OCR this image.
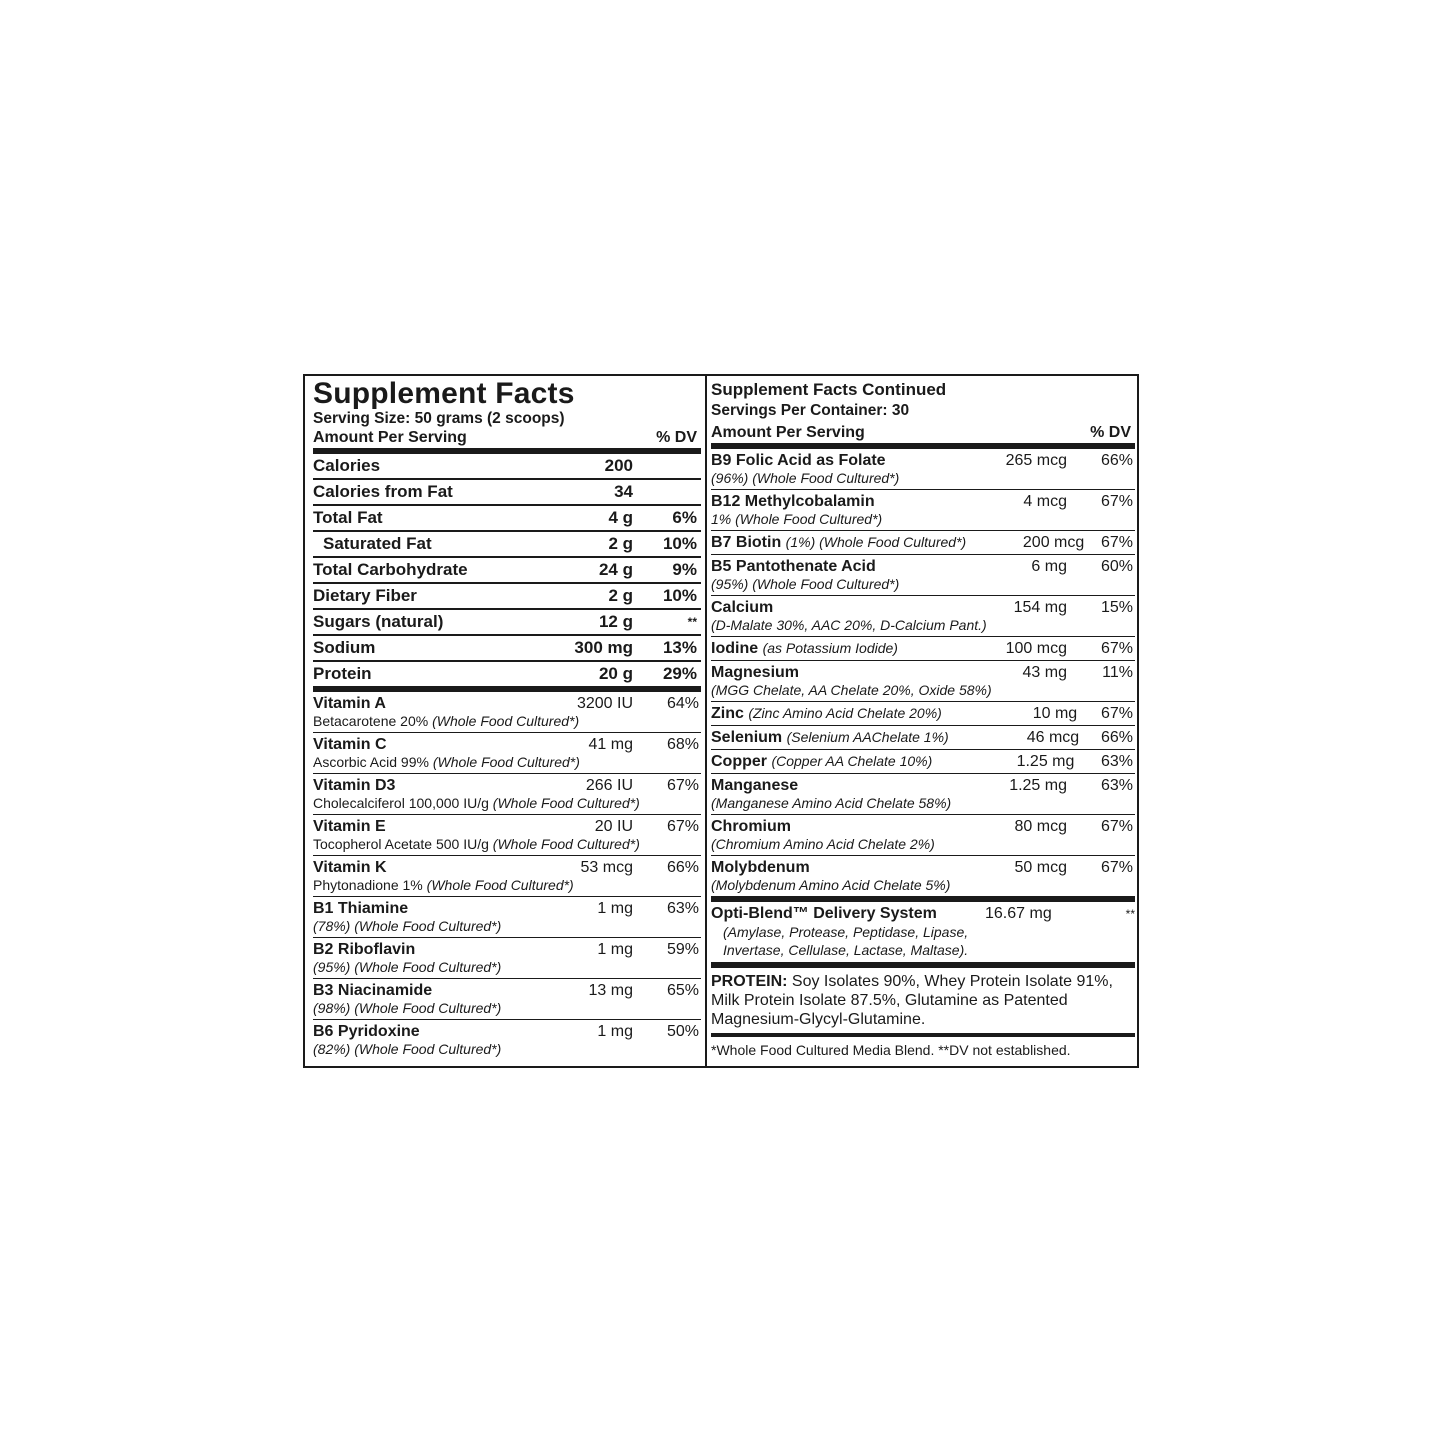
Supplement Facts
Serving Size: 50 grams (2 scoops)
Amount Per Serving	% DV
Calories	200
Calories from Fat	34
Total Fat	4 g	6%
Saturated Fat	2 g	10%
Total Carbohydrate	24 g	9%
Dietary Fiber	2 g	10%
Sugars (natural)	12 g	**
Sodium	300 mg	13%
Protein	20 g	29%
Vitamin A	3200 IU	64%
Betacarotene 20% (Whole Food Cultured*)
Vitamin C	41 mg	68%
Ascorbic Acid 99% (Whole Food Cultured*)
Vitamin D3	266 IU	67%
Cholecalciferol 100,000 IU/g (Whole Food Cultured*)
Vitamin E	20 IU	67%
Tocopherol Acetate 500 IU/g (Whole Food Cultured*)
Vitamin K	53 mcg	66%
Phytonadione 1% (Whole Food Cultured*)
B1 Thiamine	1 mg	63%
(78%) (Whole Food Cultured*)
B2 Riboflavin	1 mg	59%
(95%) (Whole Food Cultured*)
B3 Niacinamide	13 mg	65%
(98%) (Whole Food Cultured*)
B6 Pyridoxine	1 mg	50%
(82%) (Whole Food Cultured*)
Supplement Facts Continued
Servings Per Container: 30
Amount Per Serving	% DV
B9 Folic Acid as Folate	265 mcg	66%
(96%) (Whole Food Cultured*)
B12 Methylcobalamin	4 mcg	67%
1% (Whole Food Cultured*)
B7 Biotin (1%) (Whole Food Cultured*)	200 mcg	67%
B5 Pantothenate Acid	6 mg	60%
(95%) (Whole Food Cultured*)
Calcium	154 mg	15%
(D-Malate 30%, AAC 20%, D-Calcium Pant.)
Iodine (as Potassium Iodide)	100 mcg	67%
Magnesium	43 mg	11%
(MGG Chelate, AA Chelate 20%, Oxide 58%)
Zinc (Zinc Amino Acid Chelate 20%)	10 mg	67%
Selenium (Selenium AAChelate 1%)	46 mcg	66%
Copper (Copper AA Chelate 10%)	1.25 mg	63%
Manganese	1.25 mg	63%
(Manganese Amino Acid Chelate 58%)
Chromium	80 mcg	67%
(Chromium Amino Acid Chelate 2%)
Molybdenum	50 mcg	67%
(Molybdenum Amino Acid Chelate 5%)
Opti-Blend™ Delivery System	16.67 mg	**
(Amylase, Protease, Peptidase, Lipase,
Invertase, Cellulase, Lactase, Maltase).
PROTEIN: Soy Isolates 90%, Whey Protein Isolate 91%, Milk Protein Isolate 87.5%, Glutamine as Patented Magnesium-Glycyl-Glutamine.
*Whole Food Cultured Media Blend. **DV not established.
